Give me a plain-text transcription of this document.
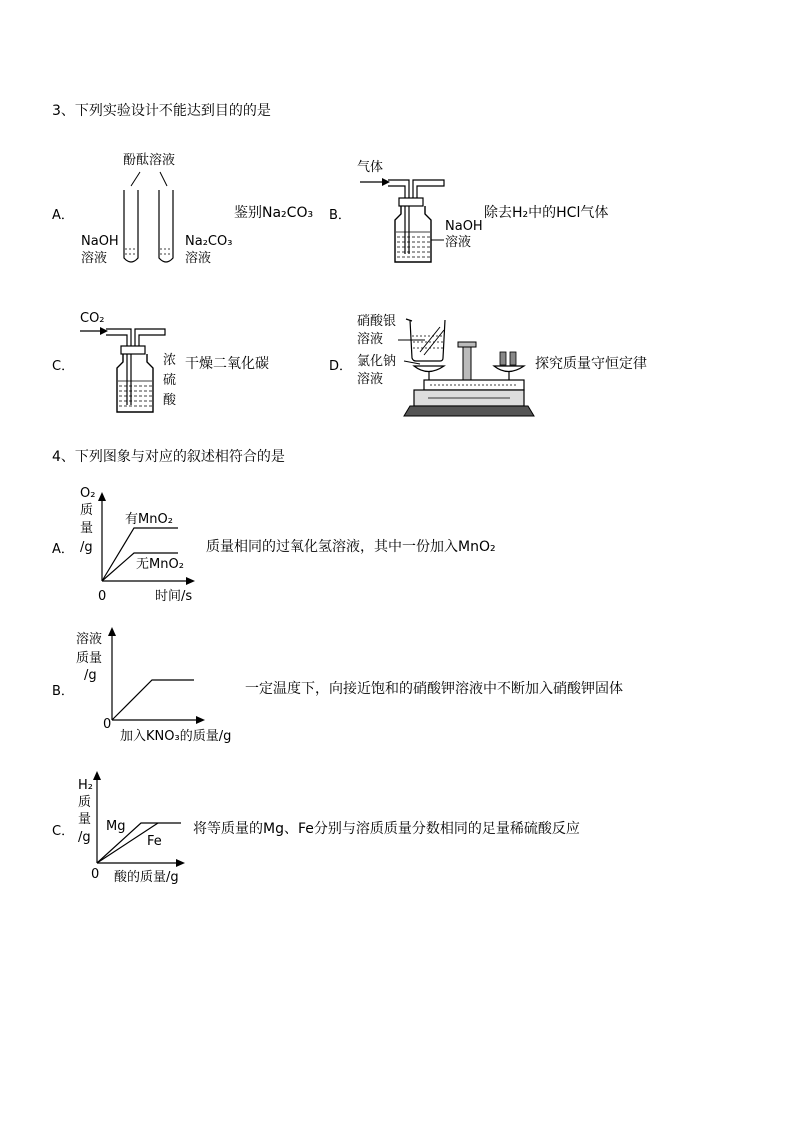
3、下列实验设计不能达到目的的是
A．
酚酞溶液
NaOH
溶液
Na₂CO₃
溶液
鉴别Na₂CO₃ B．
气体
NaOH
溶液
除去H₂中的HCl气体
C．
CO₂
浓
硫
酸
干燥二氧化碳	D．
硝酸银
溶液
氯化钠
溶液
探究质量守恒定律
4、下列图象与对应的叙述相符合的是
A．
O₂
质
量
/g
有MnO₂
无MnO₂
0	时间/s
质量相同的过氧化氢溶液，其中一份加入MnO₂
B．
溶液
质量
/g
0
加入KNO₃的质量/g
一定温度下，向接近饱和的硝酸钾溶液中不断加入硝酸钾固体
C．
H₂
质
量
/g
Mg
Fe
0 酸的质量/g
将等质量的Mg、Fe分别与溶质质量分数相同的足量稀硫酸反应
